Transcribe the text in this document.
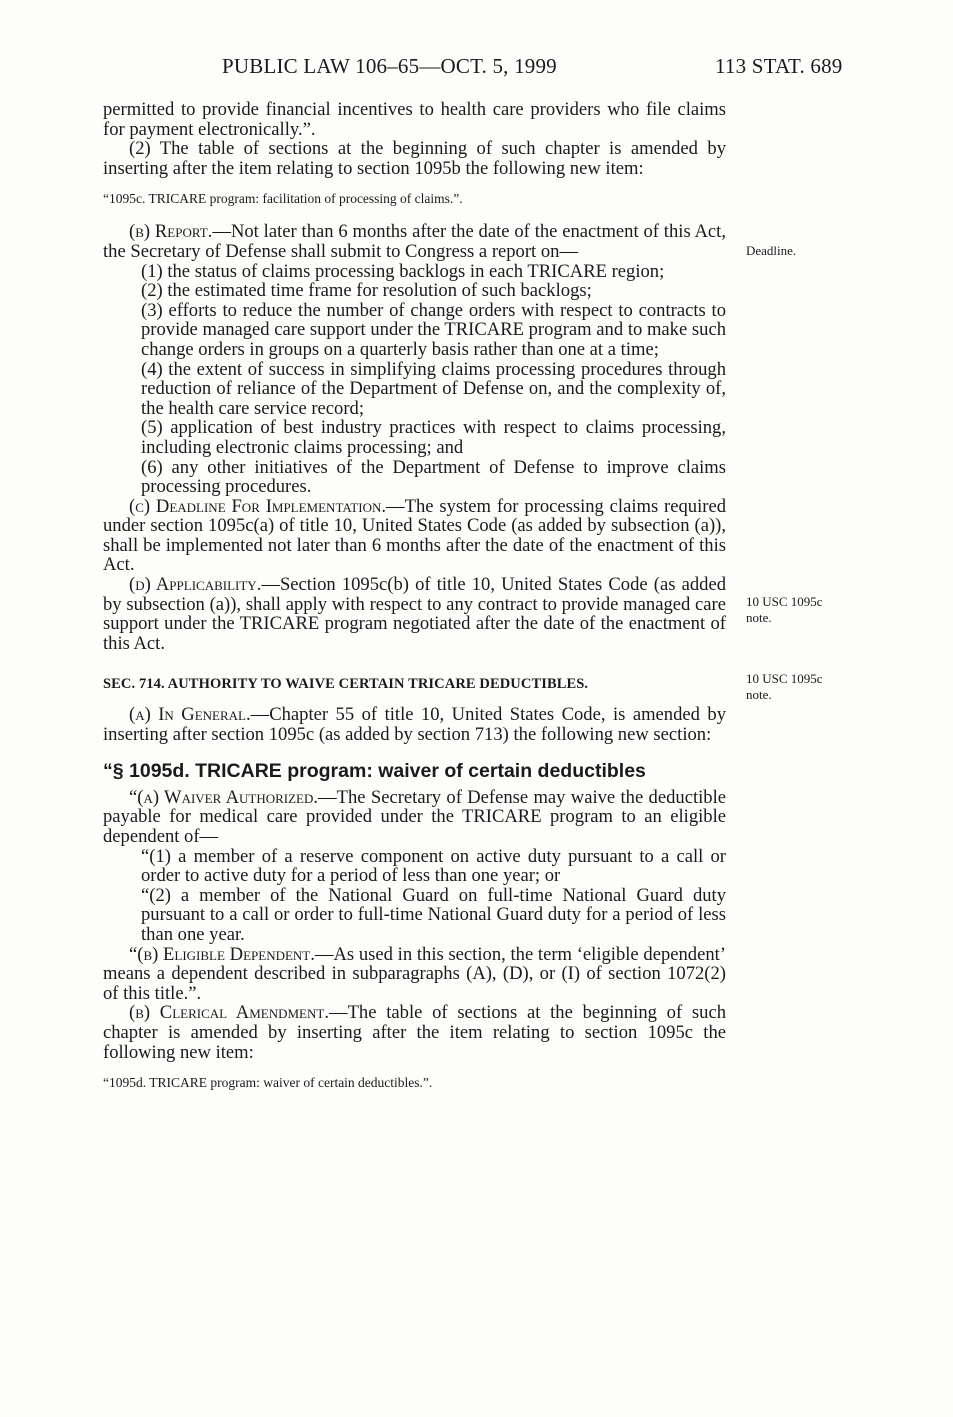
PUBLIC LAW 106–65—OCT. 5, 1999	113 STAT. 689
Deadline.
10 USC 1095c
note.
10 USC 1095c
note.

permitted to provide financial incentives to health care providers who file claims for payment electronically.”.

(2) The table of sections at the beginning of such chapter is amended by inserting after the item relating to section 1095b the following new item:

“1095c. TRICARE program: facilitation of processing of claims.”.

(b) Report.—Not later than 6 months after the date of the enactment of this Act, the Secretary of Defense shall submit to Congress a report on—

(1) the status of claims processing backlogs in each TRICARE region;

(2) the estimated time frame for resolution of such backlogs;

(3) efforts to reduce the number of change orders with respect to contracts to provide managed care support under the TRICARE program and to make such change orders in groups on a quarterly basis rather than one at a time;

(4) the extent of success in simplifying claims processing procedures through reduction of reliance of the Department of Defense on, and the complexity of, the health care service record;

(5) application of best industry practices with respect to claims processing, including electronic claims processing; and

(6) any other initiatives of the Department of Defense to improve claims processing procedures.

(c) Deadline For Implementation.—The system for processing claims required under section 1095c(a) of title 10, United States Code (as added by subsection (a)), shall be implemented not later than 6 months after the date of the enactment of this Act.

(d) Applicability.—Section 1095c(b) of title 10, United States Code (as added by subsection (a)), shall apply with respect to any contract to provide managed care support under the TRICARE program negotiated after the date of the enactment of this Act.

SEC. 714. AUTHORITY TO WAIVE CERTAIN TRICARE DEDUCTIBLES.

(a) In General.—Chapter 55 of title 10, United States Code, is amended by inserting after section 1095c (as added by section 713) the following new section:

“§ 1095d. TRICARE program: waiver of certain deductibles

“(a) Waiver Authorized.—The Secretary of Defense may waive the deductible payable for medical care provided under the TRICARE program to an eligible dependent of—

“(1) a member of a reserve component on active duty pursuant to a call or order to active duty for a period of less than one year; or

“(2) a member of the National Guard on full-time National Guard duty pursuant to a call or order to full-time National Guard duty for a period of less than one year.

“(b) Eligible Dependent.—As used in this section, the term ‘eligible dependent’ means a dependent described in subparagraphs (A), (D), or (I) of section 1072(2) of this title.”.

(b) Clerical Amendment.—The table of sections at the beginning of such chapter is amended by inserting after the item relating to section 1095c the following new item:

“1095d. TRICARE program: waiver of certain deductibles.”.
